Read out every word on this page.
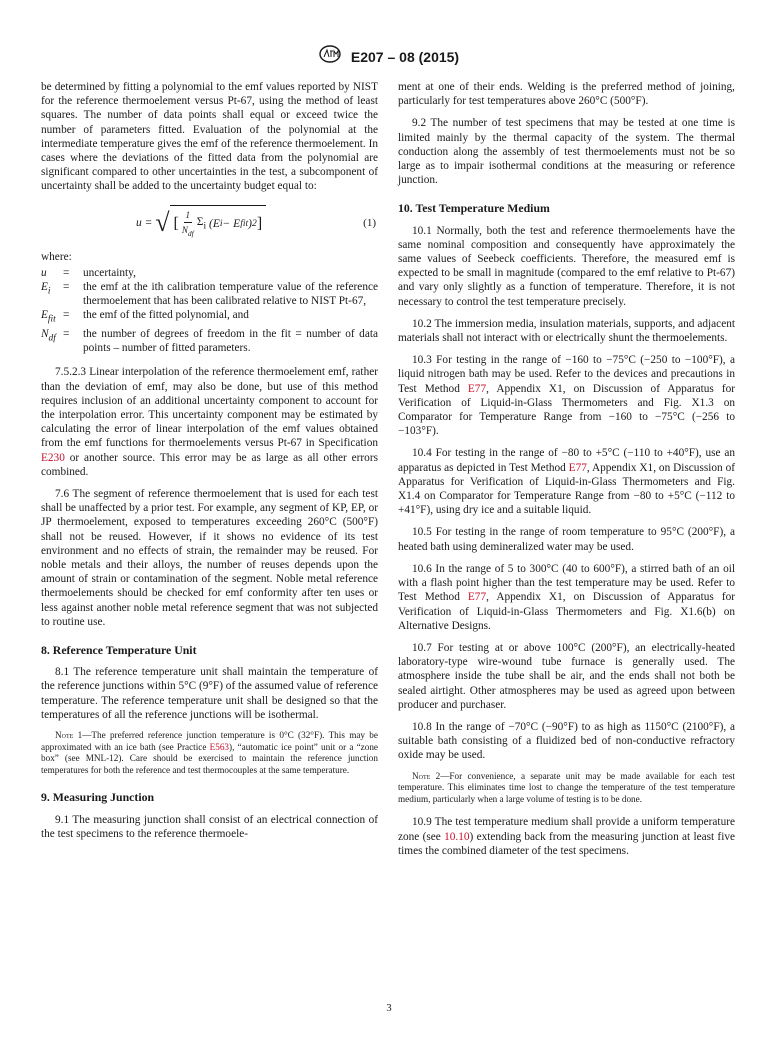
E207 – 08 (2015)

be determined by fitting a polynomial to the emf values reported by NIST for the reference thermoelement versus Pt-67, using the method of least squares. The number of data points shall equal or exceed twice the number of parameters fitted. Evaluation of the polynomial at the intermediate temperature gives the emf of the reference thermoelement. In cases where the deviations of the fitted data from the polynomial are significant compared to other uncertainties in the test, a subcomponent of uncertainty shall be added to the uncertainty budget equal to:

u =
√ [ $\frac{1}{N_{df}} \Sigma_i$
(E i − E fit ) 2 ]	(1)

where:

u	=	uncertainty,
$E_i$	=	the emf at the ith calibration temperature value of the reference thermoelement that has been calibrated relative to NIST Pt-67,
$E_{fit}$	=	the emf of the fitted polynomial, and
$N_{df}$	=	the number of degrees of freedom in the fit = number of data points – number of fitted parameters.

7.5.2.3 Linear interpolation of the reference thermoelement emf, rather than the deviation of emf, may also be done, but use of this method requires inclusion of an additional uncertainty component to account for the interpolation error. This uncertainty component may be estimated by calculating the error of linear interpolation of the emf values obtained from the emf functions for thermoelements versus Pt-67 in Specification E230 or another source. This error may be as large as all other errors combined.

7.6 The segment of reference thermoelement that is used for each test shall be unaffected by a prior test. For example, any segment of KP, EP, or JP thermoelement, exposed to temperatures exceeding 260°C (500°F) shall not be reused. However, if it shows no evidence of its test environment and no effects of strain, the remainder may be reused. For noble metals and their alloys, the number of reuses depends upon the amount of strain or contamination of the segment. Noble metal reference thermoelements should be checked for emf conformity after ten uses or less against another noble metal reference segment that was not subjected to routine use.

8. Reference Temperature Unit

8.1 The reference temperature unit shall maintain the temperature of the reference junctions within 5°C (9°F) of the assumed value of reference temperature. The reference temperature unit shall be designed so that the temperatures of all the reference junctions will be isothermal.

Note 1—The preferred reference junction temperature is 0°C (32°F). This may be approximated with an ice bath (see Practice E563), “automatic ice point” unit or a “zone box” (see MNL-12). Care should be exercised to maintain the reference junction temperatures for both the reference and test thermocouples at the same temperature.
9. Measuring Junction

9.1 The measuring junction shall consist of an electrical connection of the test specimens to the reference thermoele-

ment at one of their ends. Welding is the preferred method of joining, particularly for test temperatures above 260°C (500°F).

9.2 The number of test specimens that may be tested at one time is limited mainly by the thermal capacity of the system. The thermal conduction along the assembly of test thermoelements must not be so large as to impair isothermal conditions at the measuring or reference junction.

10. Test Temperature Medium

10.1 Normally, both the test and reference thermoelements have the same nominal composition and consequently have approximately the same values of Seebeck coefficients. Therefore, the measured emf is expected to be small in magnitude (compared to the emf relative to Pt-67) and vary only slightly as a function of temperature. Therefore, it is not necessary to control the test temperature precisely.

10.2 The immersion media, insulation materials, supports, and adjacent materials shall not interact with or electrically shunt the thermoelements.

10.3 For testing in the range of −160 to −75°C (−250 to −100°F), a liquid nitrogen bath may be used. Refer to the devices and precautions in Test Method E77, Appendix X1, on Discussion of Apparatus for Verification of Liquid-in-Glass Thermometers and Fig. X1.3 on Comparator for Temperature Range from −160 to −75°C (−256 to −103°F).

10.4 For testing in the range of −80 to +5°C (−110 to +40°F), use an apparatus as depicted in Test Method E77, Appendix X1, on Discussion of Apparatus for Verification of Liquid-in-Glass Thermometers and Fig. X1.4 on Comparator for Temperature Range from −80 to +5°C (−112 to +41°F), using dry ice and a suitable liquid.

10.5 For testing in the range of room temperature to 95°C (200°F), a heated bath using demineralized water may be used.

10.6 In the range of 5 to 300°C (40 to 600°F), a stirred bath of an oil with a flash point higher than the test temperature may be used. Refer to Test Method E77, Appendix X1, on Discussion of Apparatus for Verification of Liquid-in-Glass Thermometers and Fig. X1.6(b) on Alternative Designs.

10.7 For testing at or above 100°C (200°F), an electrically-heated laboratory-type wire-wound tube furnace is generally used. The atmosphere inside the tube shall be air, and the ends shall not both be sealed airtight. Other atmospheres may be used as agreed upon between producer and purchaser.

10.8 In the range of −70°C (−90°F) to as high as 1150°C (2100°F), a suitable bath consisting of a fluidized bed of non-conductive refractory oxide may be used.

Note 2—For convenience, a separate unit may be made available for each test temperature. This eliminates time lost to change the temperature of the test temperature medium, particularly when a large volume of testing is to be done.

10.9 The test temperature medium shall provide a uniform temperature zone (see 10.10) extending back from the measuring junction at least five times the combined diameter of the test specimens.

3
